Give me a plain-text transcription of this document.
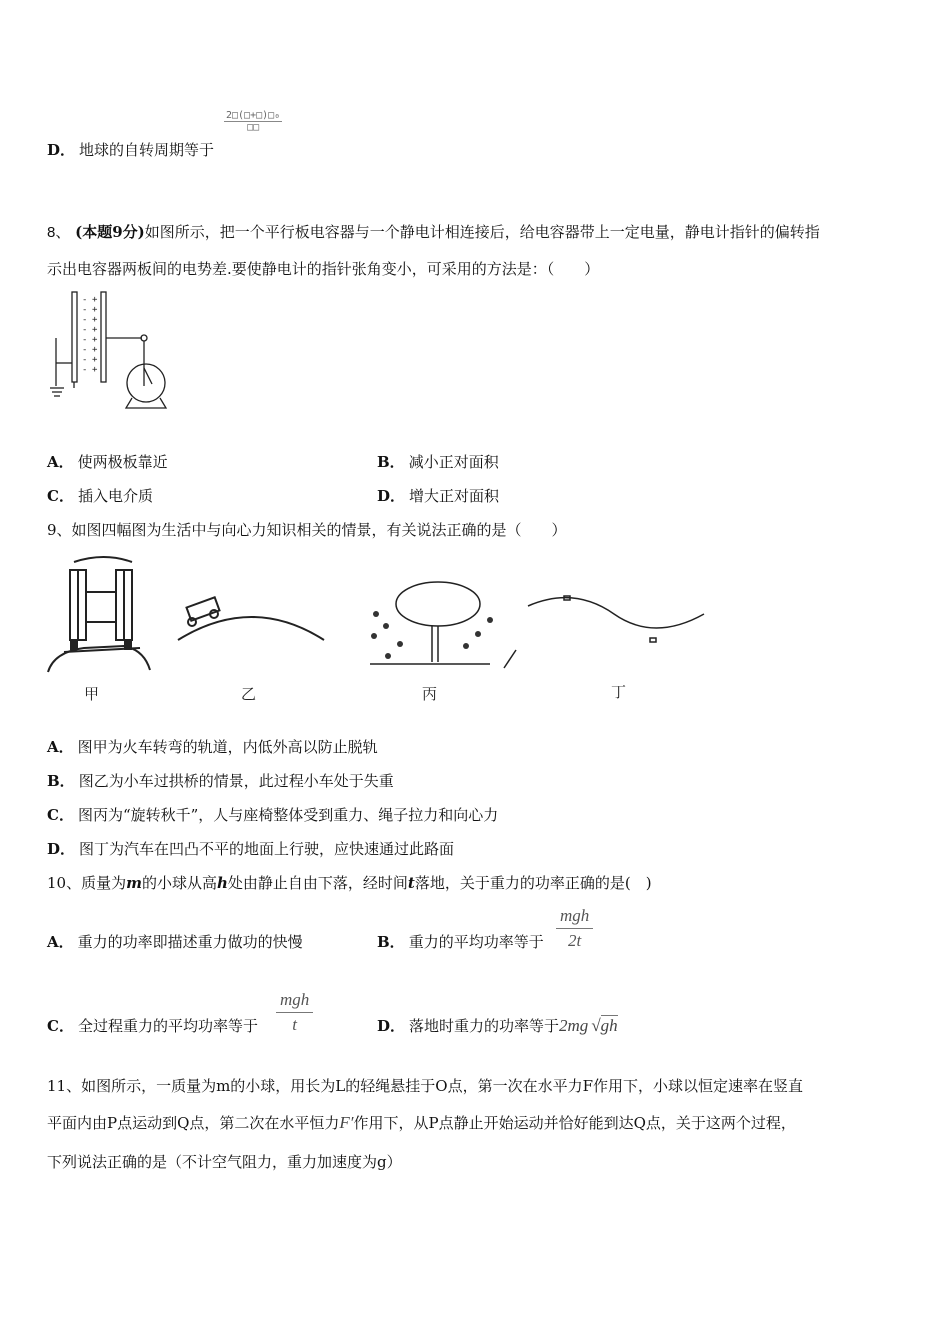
2□(□+□)□₀
□□
D． 地球的自转周期等于
8、 (本题9分)如图所示，把一个平行板电容器与一个静电计相连接后，给电容器带上一定电量，静电计指针的偏转指
示出电容器两板间的电势差.要使静电计的指针张角变小，可采用的方法是：（　　）
-
-
-
-
-
-
-
-
+
+
+
+
+
+
+
+
A． 使两极板靠近	B． 减小正对面积
C． 插入电介质	D． 增大正对面积
9、如图四幅图为生活中与向心力知识相关的情景，有关说法正确的是（　　）
甲	乙	丙	丁
A． 图甲为火车转弯的轨道，内低外高以防止脱轨
B． 图乙为小车过拱桥的情景，此过程小车处于失重
C． 图丙为“旋转秋千”，人与座椅整体受到重力、绳子拉力和向心力
D． 图丁为汽车在凹凸不平的地面上行驶，应快速通过此路面
10、质量为m的小球从高h处由静止自由下落，经时间t落地，关于重力的功率正确的是(　)
A． 重力的功率即描述重力做功的快慢	B． 重力的平均功率等于
mgh
2t
C． 全过程重力的平均功率等于
mgh
t	D． 落地时重力的功率等于2mg √gh
11、如图所示，一质量为m的小球，用长为L的轻绳悬挂于O点，第一次在水平力F作用下，小球以恒定速率在竖直
平面内由P点运动到Q点，第二次在水平恒力F′作用下，从P点静止开始运动并恰好能到达Q点，关于这两个过程，
下列说法正确的是（不计空气阻力，重力加速度为g）
